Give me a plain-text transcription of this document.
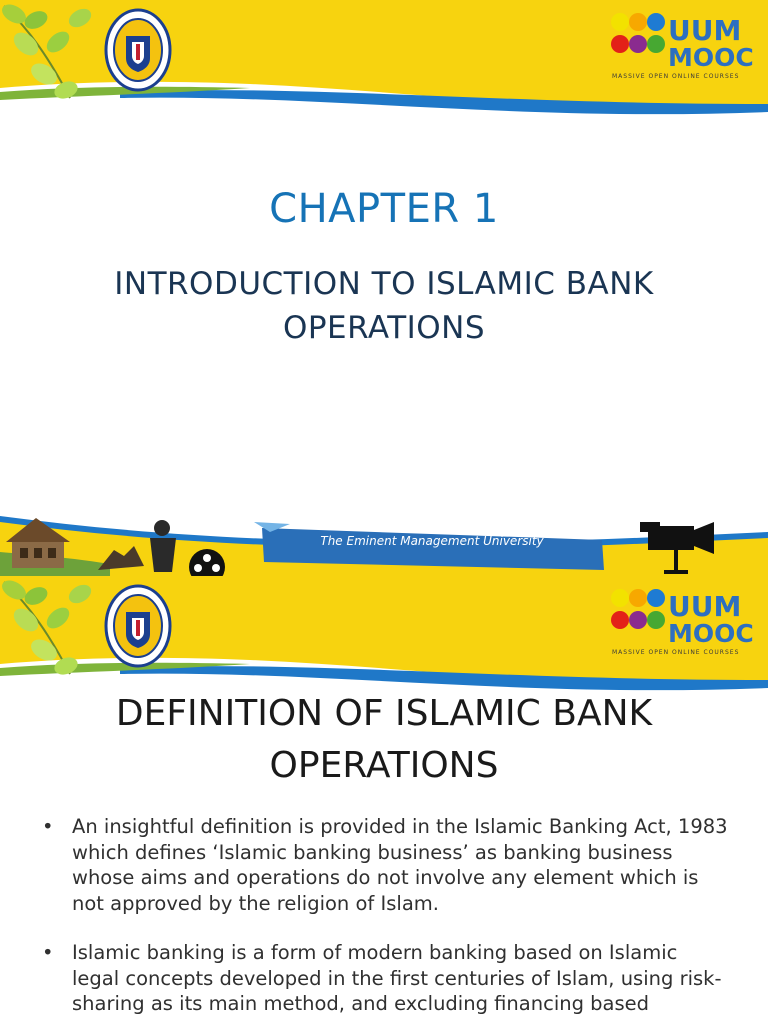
UUM
MOOC
MASSIVE OPEN ONLINE COURSES
CHAPTER 1
INTRODUCTION TO ISLAMIC BANK OPERATIONS
The Eminent Management University
UUM
MOOC
MASSIVE OPEN ONLINE COURSES
DEFINITION OF ISLAMIC BANK OPERATIONS
• An insightful definition is provided in the Islamic Banking Act, 1983 which defines ‘Islamic banking business’ as banking business whose aims and operations do not involve any element which is not approved by the religion of Islam.
• Islamic banking is a form of modern banking based on Islamic legal concepts developed in the first centuries of Islam, using risk-sharing as its main method, and excluding financing based
